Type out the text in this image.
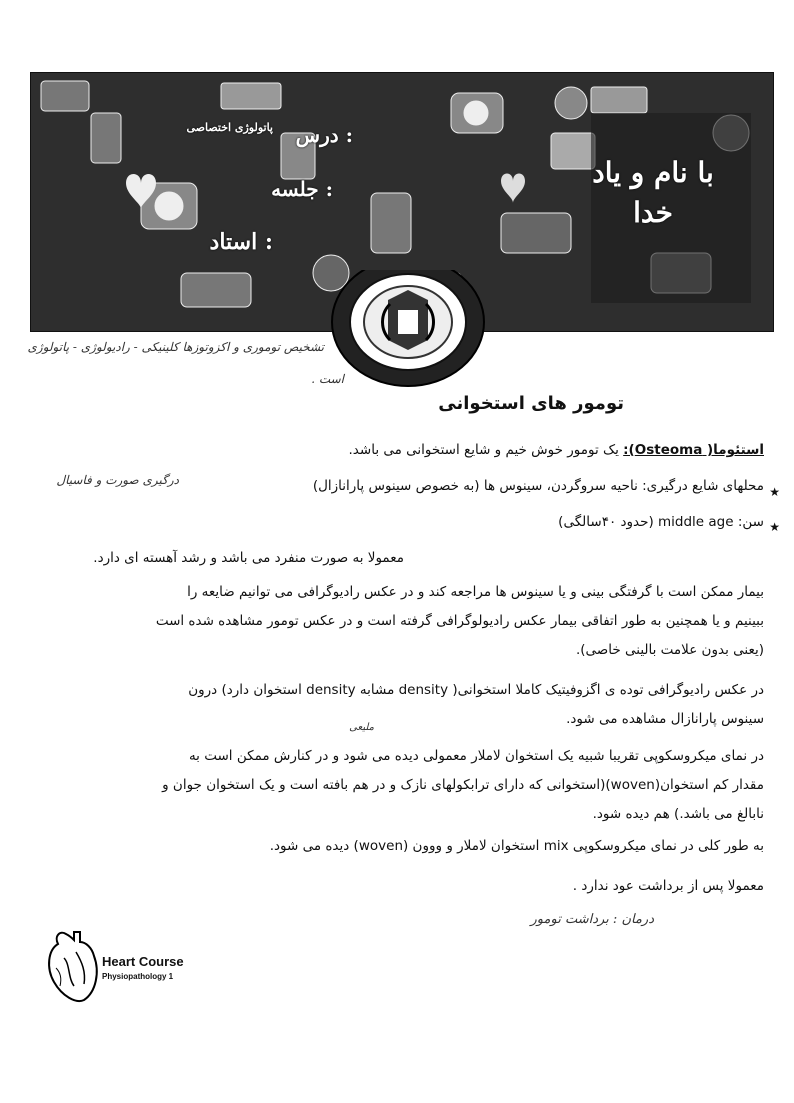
درس :
پاتولوژی اختصاصی
جلسه :
استاد :
با نام و یاد خدا
تشخیص توموری و اکزوتوزها کلینیکی - رادیولوژی - پاتولوژی
است .
تومور های استخوانی
استئوما( Osteoma): یک تومور خوش خیم و شایع استخوانی می باشد.
★
محلهای شایع درگیری: ناحیه سروگردن، سینوس ها (به خصوص سینوس پارانازال)
درگیری صورت و فاسیال
★
سن: middle age (حدود ۴۰سالگی)
معمولا به صورت منفرد می باشد و رشد آهسته ای دارد.
بیمار ممکن است با گرفتگی بینی و یا سینوس ها مراجعه کند و در عکس رادیوگرافی می توانیم ضایعه را
ببینیم و یا همچنین به طور اتفاقی بیمار عکس رادیولوگرافی گرفته است و در عکس تومور مشاهده شده است
(یعنی بدون علامت بالینی خاصی).
در عکس رادیوگرافی توده ی اگزوفیتیک کاملا استخوانی( density مشابه density استخوان دارد) درون
سینوس پارانازال مشاهده می شود.
ملیعی
در نمای میکروسکوپی تقریبا شبیه یک استخوان لاملار معمولی دیده می شود و در کنارش ممکن است به
مقدار کم استخوان(woven)(استخوانی که دارای ترابکولهای نازک و در هم بافته است و یک استخوان جوان و
نابالغ می باشد.) هم دیده شود.
به طور کلی در نمای میکروسکوپی mix استخوان لاملار و ووون (woven) دیده می شود.
معمولا پس از برداشت عود ندارد .
درمان : برداشت تومور
Heart Course
Physiopathology 1
